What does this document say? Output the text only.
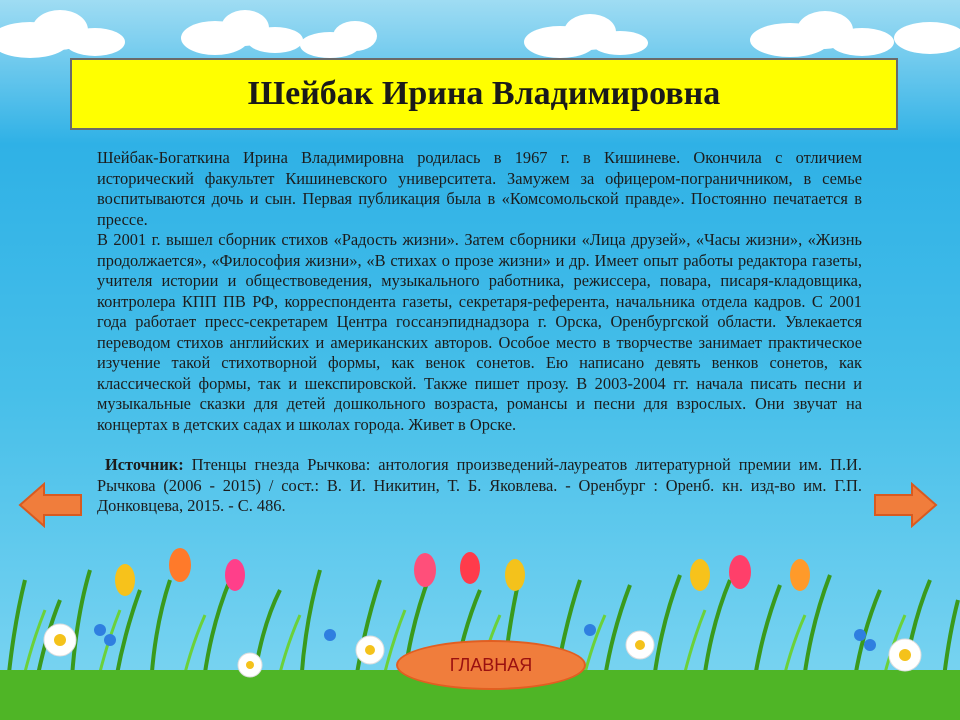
Шейбак Ирина Владимировна

Шейбак-Богаткина Ирина Владимировна родилась в 1967 г. в Кишиневе. Окончила с отличием исторический факультет Кишиневского университета. Замужем за офицером-пограничником, в семье воспитываются дочь и сын. Первая публикация была в «Комсомольской правде». Постоянно печатается в прессе.

В 2001 г. вышел сборник стихов «Радость жизни». Затем сборники «Лица друзей», «Часы жизни», «Жизнь продолжается», «Философия жизни», «В стихах о прозе жизни» и др. Имеет опыт работы редактора газеты, учителя истории и обществоведения, музыкального работника, режиссера, повара, писаря-кладовщика, контролера КПП ПВ РФ, корреспондента газеты, секретаря-референта, начальника отдела кадров. С 2001 года работает пресс-секретарем Центра госсанэпиднадзора г. Орска, Оренбургской области. Увлекается переводом стихов английских и американских авторов. Особое место в творчестве занимает практическое изучение такой стихотворной формы, как венок сонетов. Ею написано девять венков сонетов, как классической формы, так и шекспировской. Также пишет прозу. В 2003-2004 гг. начала писать песни и музыкальные сказки для детей дошкольного возраста, романсы и песни для взрослых. Они звучат на концертах в детских садах и школах города. Живет в Орске.

Источник: Птенцы гнезда Рычкова: антология произведений-лауреатов литературной премии им. П.И. Рычкова (2006 - 2015) / сост.: В. И. Никитин, Т. Б. Яковлева. - Оренбург : Оренб. кн. изд-во им. Г.П. Донковцева, 2015. - С. 486.

ГЛАВНАЯ
